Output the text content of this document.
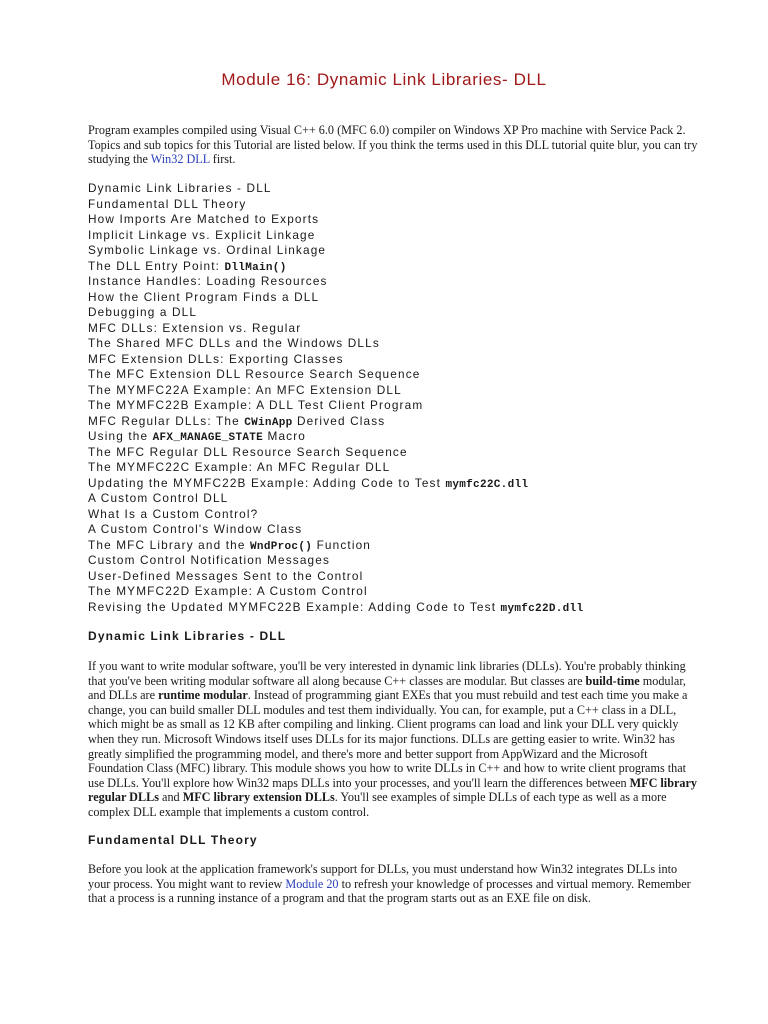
Module 16: Dynamic Link Libraries- DLL

Program examples compiled using Visual C++ 6.0 (MFC 6.0) compiler on Windows XP Pro machine with Service Pack 2. Topics and sub topics for this Tutorial are listed below. If you think the terms used in this DLL tutorial quite blur, you can try studying the Win32 DLL first.

Dynamic Link Libraries - DLL
Fundamental DLL Theory
How Imports Are Matched to Exports
Implicit Linkage vs. Explicit Linkage
Symbolic Linkage vs. Ordinal Linkage
The DLL Entry Point: DllMain()
Instance Handles: Loading Resources
How the Client Program Finds a DLL
Debugging a DLL
MFC DLLs: Extension vs. Regular
The Shared MFC DLLs and the Windows DLLs
MFC Extension DLLs: Exporting Classes
The MFC Extension DLL Resource Search Sequence
The MYMFC22A Example: An MFC Extension DLL
The MYMFC22B Example: A DLL Test Client Program
MFC Regular DLLs: The CWinApp Derived Class
Using the AFX_MANAGE_STATE Macro
The MFC Regular DLL Resource Search Sequence
The MYMFC22C Example: An MFC Regular DLL
Updating the MYMFC22B Example: Adding Code to Test mymfc22C.dll
A Custom Control DLL
What Is a Custom Control?
A Custom Control's Window Class
The MFC Library and the WndProc() Function
Custom Control Notification Messages
User-Defined Messages Sent to the Control
The MYMFC22D Example: A Custom Control
Revising the Updated MYMFC22B Example: Adding Code to Test mymfc22D.dll
Dynamic Link Libraries - DLL

If you want to write modular software, you'll be very interested in dynamic link libraries (DLLs). You're probably thinking that you've been writing modular software all along because C++ classes are modular. But classes are build-time modular, and DLLs are runtime modular. Instead of programming giant EXEs that you must rebuild and test each time you make a change, you can build smaller DLL modules and test them individually. You can, for example, put a C++ class in a DLL, which might be as small as 12 KB after compiling and linking. Client programs can load and link your DLL very quickly when they run. Microsoft Windows itself uses DLLs for its major functions. DLLs are getting easier to write. Win32 has greatly simplified the programming model, and there's more and better support from AppWizard and the Microsoft Foundation Class (MFC) library. This module shows you how to write DLLs in C++ and how to write client programs that use DLLs. You'll explore how Win32 maps DLLs into your processes, and you'll learn the differences between MFC library regular DLLs and MFC library extension DLLs. You'll see examples of simple DLLs of each type as well as a more complex DLL example that implements a custom control.

Fundamental DLL Theory

Before you look at the application framework's support for DLLs, you must understand how Win32 integrates DLLs into your process. You might want to review Module 20 to refresh your knowledge of processes and virtual memory. Remember that a process is a running instance of a program and that the program starts out as an EXE file on disk.
